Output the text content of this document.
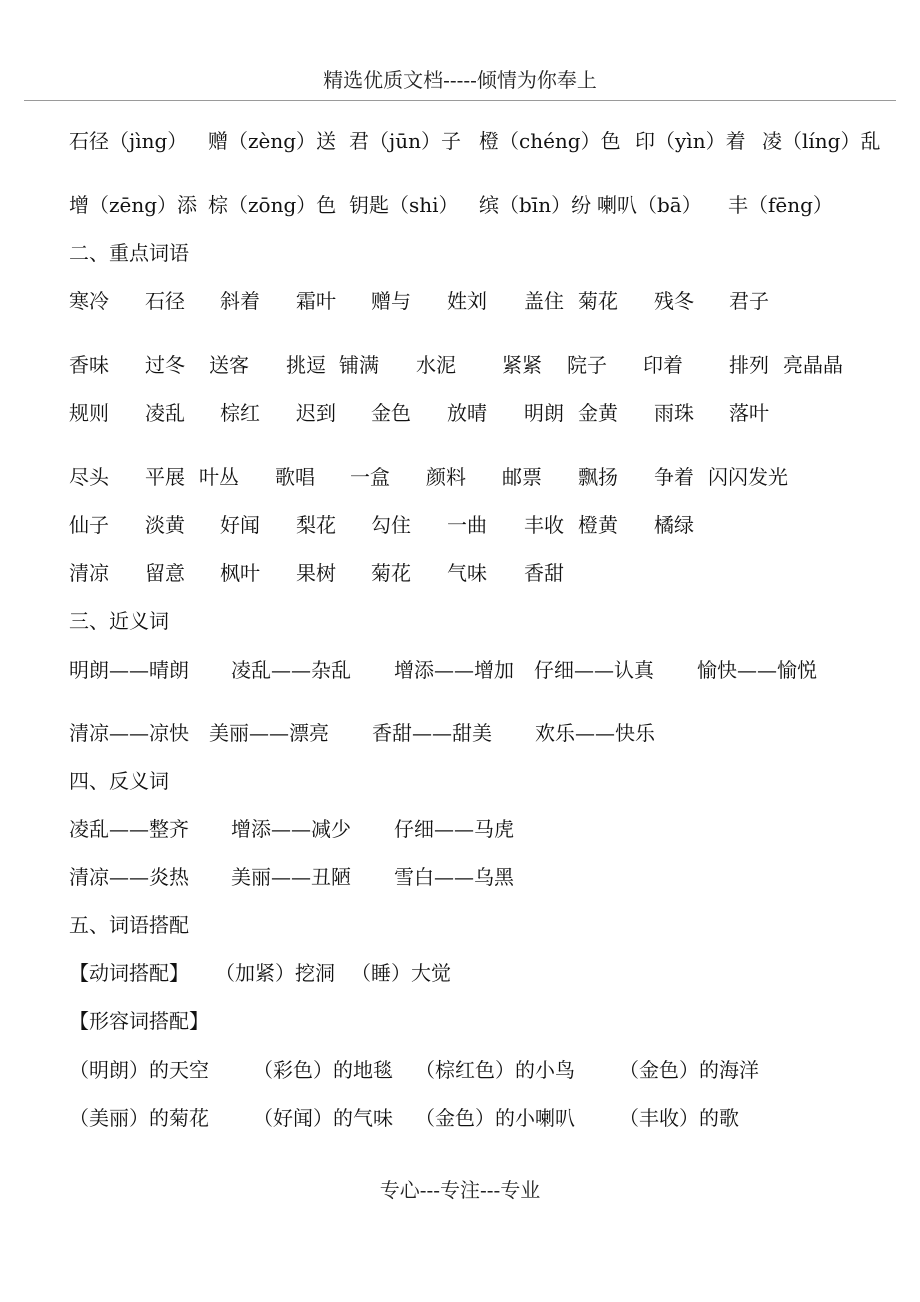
精选优质文档-----倾情为你奉上
石径（jìng） 赠（zèng）送 君（jūn）子 橙（chéng）色 印（yìn）着 凌（líng）乱
增（zēng）添 棕（zōng）色 钥匙（shi） 缤（bīn）纷 喇叭（bā） 丰（fēng）
二、重点词语
寒冷 石径 斜着 霜叶 赠与 姓刘 盖住 菊花 残冬 君子
香味 过冬 送客 挑逗 铺满 水泥 紧紧 院子 印着 排列 亮晶晶
规则 凌乱 棕红 迟到 金色 放晴 明朗 金黄 雨珠 落叶
尽头 平展 叶丛 歌唱 一盒 颜料 邮票 飘扬 争着 闪闪发光
仙子 淡黄 好闻 梨花 勾住 一曲 丰收 橙黄 橘绿
清凉 留意 枫叶 果树 菊花 气味 香甜
三、近义词
明朗——晴朗 凌乱——杂乱 增添——增加 仔细——认真 愉快——愉悦
清凉——凉快 美丽——漂亮 香甜——甜美 欢乐——快乐
四、反义词
凌乱——整齐 增添——减少 仔细——马虎
清凉——炎热 美丽——丑陋 雪白——乌黑
五、词语搭配
【动词搭配】 （加紧）挖洞 （睡）大觉
【形容词搭配】
（明朗）的天空 （彩色）的地毯 （棕红色）的小鸟 （金色）的海洋
（美丽）的菊花 （好闻）的气味 （金色）的小喇叭 （丰收）的歌
专心---专注---专业
